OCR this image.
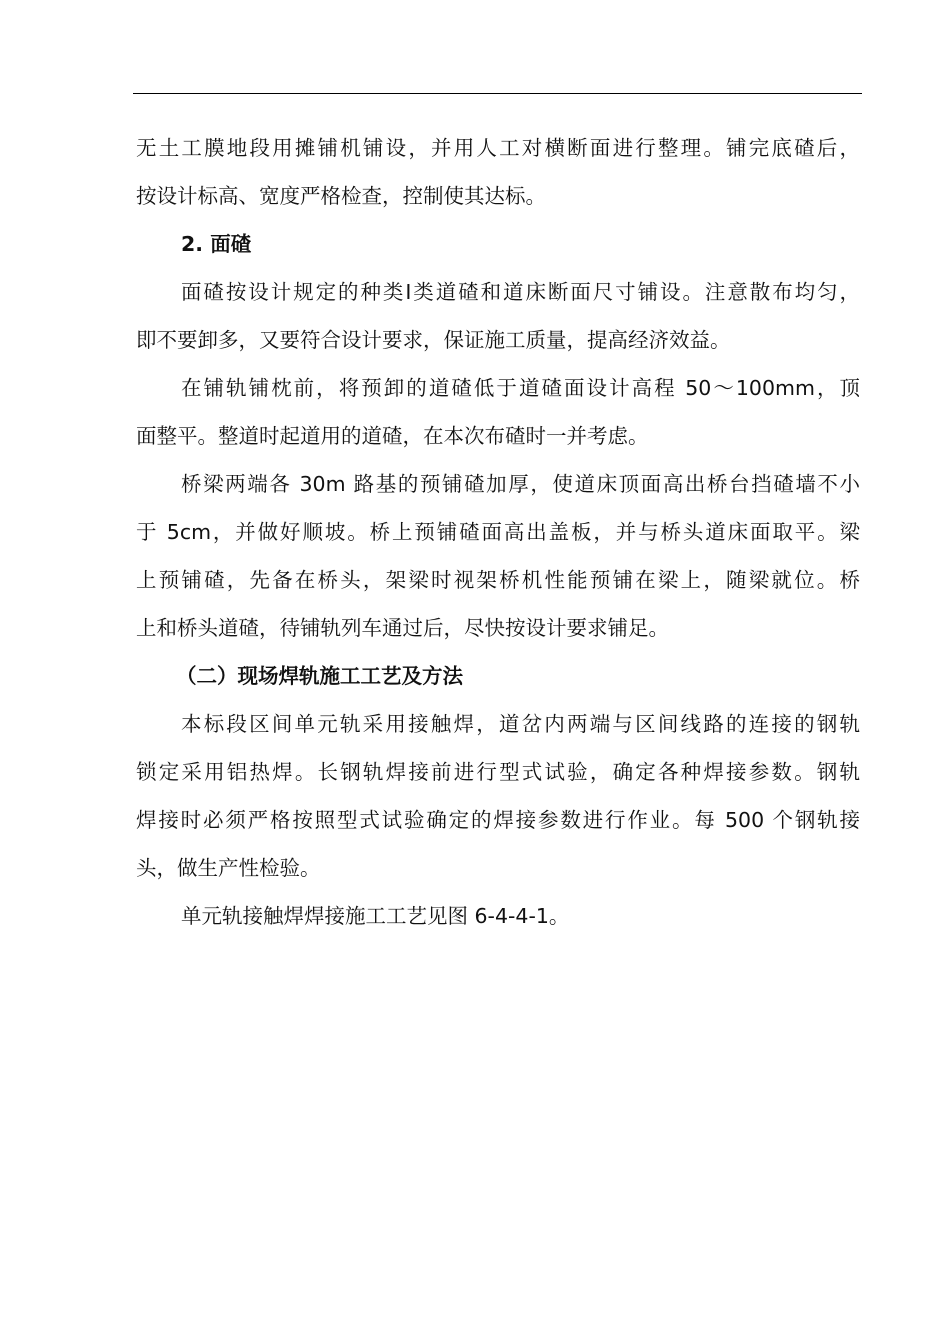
无土工膜地段用摊铺机铺设，并用人工对横断面进行整理。铺完底碴后，
按设计标高、宽度严格检查，控制使其达标。
2. 面碴
面碴按设计规定的种类Ⅰ类道碴和道床断面尺寸铺设。注意散布均匀，
即不要卸多，又要符合设计要求，保证施工质量，提高经济效益。
在铺轨铺枕前，将预卸的道碴低于道碴面设计高程 50～100mm，顶
面整平。整道时起道用的道碴，在本次布碴时一并考虑。
桥梁两端各 30m 路基的预铺碴加厚，使道床顶面高出桥台挡碴墙不小
于 5cm，并做好顺坡。桥上预铺碴面高出盖板，并与桥头道床面取平。梁
上预铺碴，先备在桥头，架梁时视架桥机性能预铺在梁上，随梁就位。桥
上和桥头道碴，待铺轨列车通过后，尽快按设计要求铺足。
（二）现场焊轨施工工艺及方法
本标段区间单元轨采用接触焊，道岔内两端与区间线路的连接的钢轨
锁定采用铝热焊。长钢轨焊接前进行型式试验，确定各种焊接参数。钢轨
焊接时必须严格按照型式试验确定的焊接参数进行作业。每 500 个钢轨接
头，做生产性检验。
单元轨接触焊焊接施工工艺见图 6-4-4-1。
